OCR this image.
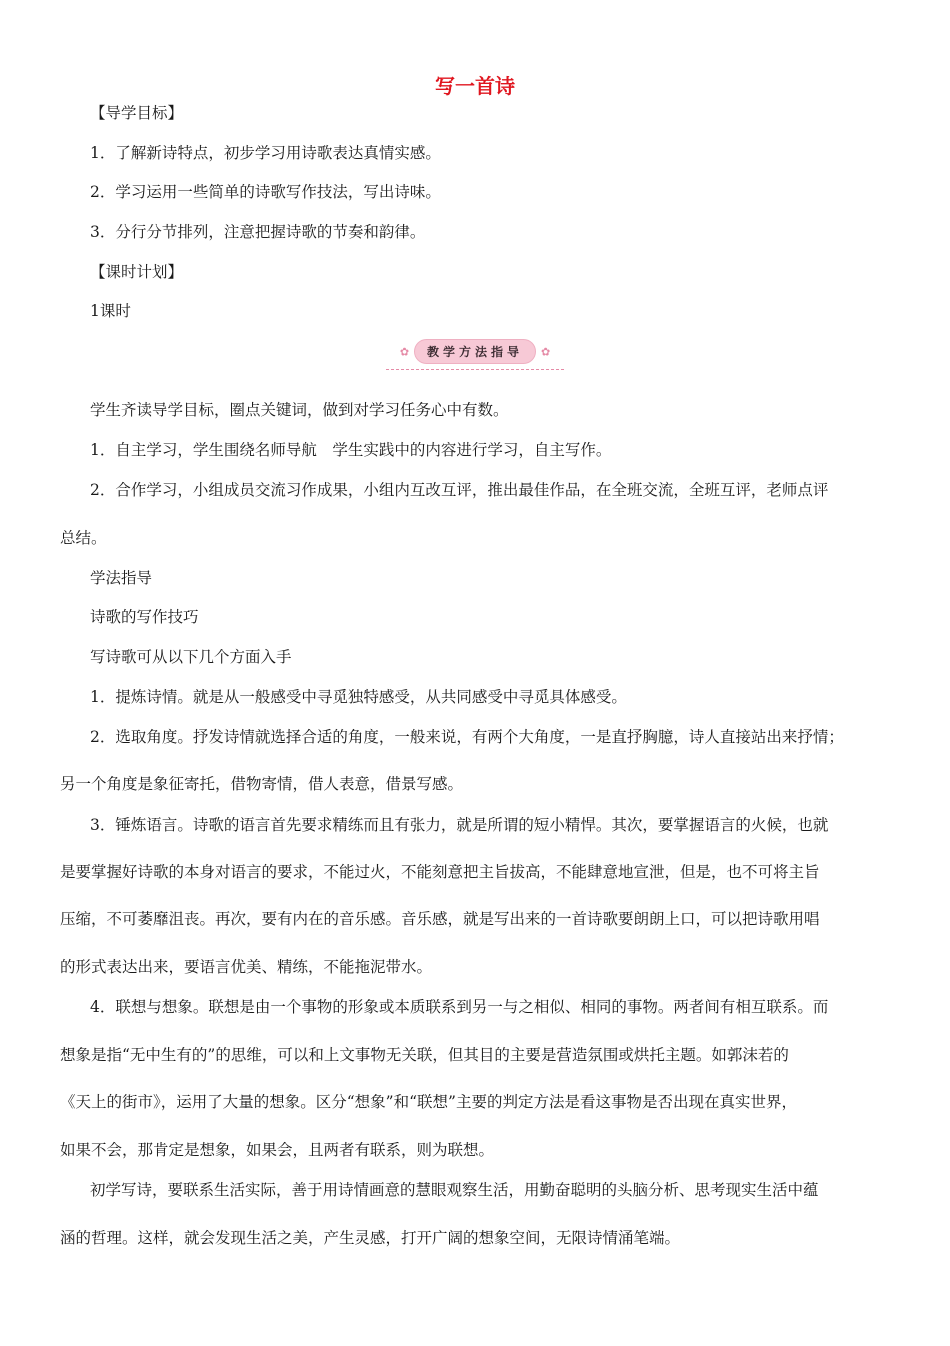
写一首诗
【导学目标】
1．了解新诗特点，初步学习用诗歌表达真情实感。
2．学习运用一些简单的诗歌写作技法，写出诗味。
3．分行分节排列，注意把握诗歌的节奏和韵律。
【课时计划】
1课时
✿ 教学方法指导 ✿
学生齐读导学目标，圈点关键词，做到对学习任务心中有数。
1．自主学习，学生围绕名师导航　学生实践中的内容进行学习，自主写作。
2．合作学习，小组成员交流习作成果，小组内互改互评，推出最佳作品，在全班交流，全班互评，老师点评
总结。
学法指导
诗歌的写作技巧
写诗歌可从以下几个方面入手
1．提炼诗情。就是从一般感受中寻觅独特感受，从共同感受中寻觅具体感受。
2．选取角度。抒发诗情就选择合适的角度，一般来说，有两个大角度，一是直抒胸臆，诗人直接站出来抒情；
另一个角度是象征寄托，借物寄情，借人表意，借景写感。
3．锤炼语言。诗歌的语言首先要求精练而且有张力，就是所谓的短小精悍。其次，要掌握语言的火候，也就
是要掌握好诗歌的本身对语言的要求，不能过火，不能刻意把主旨拔高，不能肆意地宣泄，但是，也不可将主旨
压缩，不可萎靡沮丧。再次，要有内在的音乐感。音乐感，就是写出来的一首诗歌要朗朗上口，可以把诗歌用唱
的形式表达出来，要语言优美、精练，不能拖泥带水。
4．联想与想象。联想是由一个事物的形象或本质联系到另一与之相似、相同的事物。两者间有相互联系。而
想象是指“无中生有的”的思维，可以和上文事物无关联，但其目的主要是营造氛围或烘托主题。如郭沫若的
《天上的街市》，运用了大量的想象。区分“想象”和“联想”主要的判定方法是看这事物是否出现在真实世界，
如果不会，那肯定是想象，如果会，且两者有联系，则为联想。
初学写诗，要联系生活实际，善于用诗情画意的慧眼观察生活，用勤奋聪明的头脑分析、思考现实生活中蕴
涵的哲理。这样，就会发现生活之美，产生灵感，打开广阔的想象空间，无限诗情涌笔端。
